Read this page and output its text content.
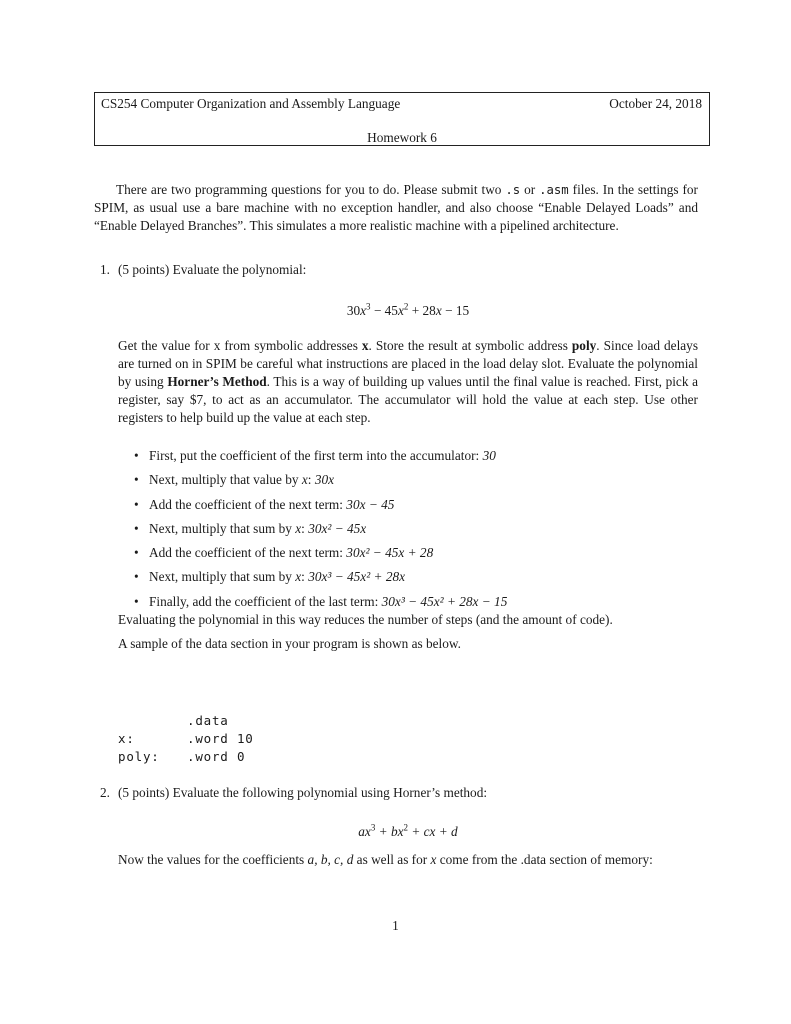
CS254 Computer Organization and Assembly Language	October 24, 2018
Homework 6
There are two programming questions for you to do. Please submit two .s or .asm files. In the settings for SPIM, as usual use a bare machine with no exception handler, and also choose “Enable Delayed Loads” and “Enable Delayed Branches”. This simulates a more realistic machine with a pipelined architecture.
1. (5 points) Evaluate the polynomial:
$30x^3 - 45x^2 + 28x - 15$
Get the value for x from symbolic addresses x. Store the result at symbolic address poly. Since load delays are turned on in SPIM be careful what instructions are placed in the load delay slot. Evaluate the polynomial by using Horner’s Method. This is a way of building up values until the final value is reached. First, pick a register, say $7, to act as an accumulator. The accumulator will hold the value at each step. Use other registers to help build up the value at each step.
• First, put the coefficient of the first term into the accumulator: 30
• Next, multiply that value by x: 30x
• Add the coefficient of the next term: 30x − 45
• Next, multiply that sum by x: 30x² − 45x
• Add the coefficient of the next term: 30x² − 45x + 28
• Next, multiply that sum by x: 30x³ − 45x² + 28x
• Finally, add the coefficient of the last term: 30x³ − 45x² + 28x − 15
Evaluating the polynomial in this way reduces the number of steps (and the amount of code).
A sample of the data section in your program is shown as below.
.data
x:	.word 10
poly: .word 0
2. (5 points) Evaluate the following polynomial using Horner’s method:
$ax^3 + bx^2$ + cx + d
Now the values for the coefficients a, b, c, d as well as for x come from the .data section of memory:
1
